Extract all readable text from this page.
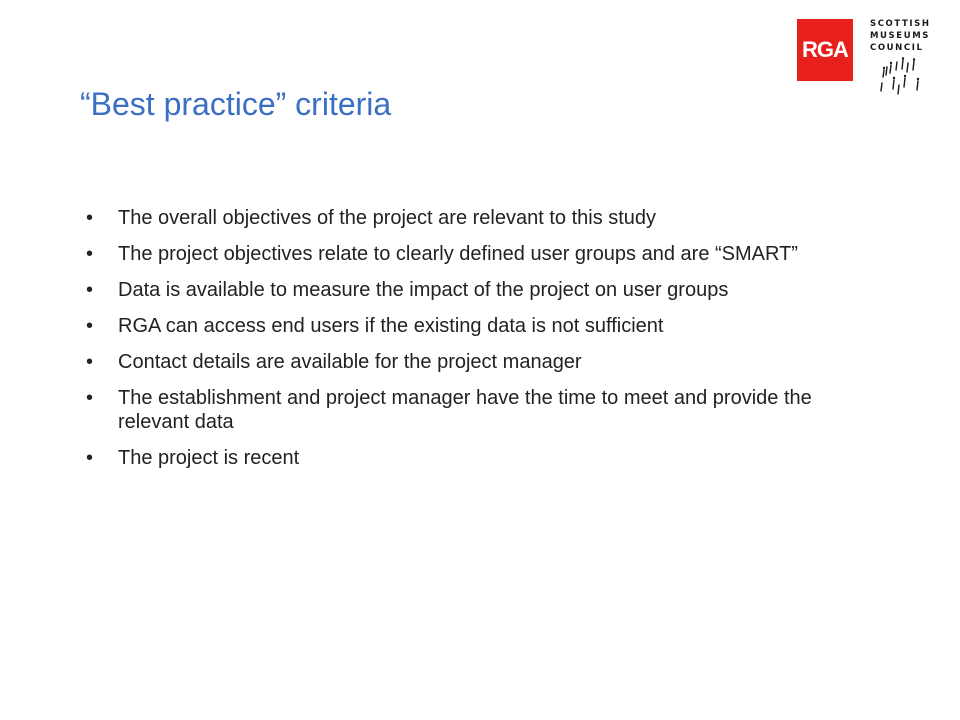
RGA
SCOTTISH
MUSEUMS
COUNCIL
“Best practice” criteria
• The overall objectives of the project are relevant to this study
• The project objectives relate to clearly defined user groups and are “SMART”
• Data is available to measure the impact of the project on user groups
• RGA can access end users if the existing data is not sufficient
• Contact details are available for the project manager
• The establishment and project manager have the time to meet and provide the relevant data
• The project is recent
